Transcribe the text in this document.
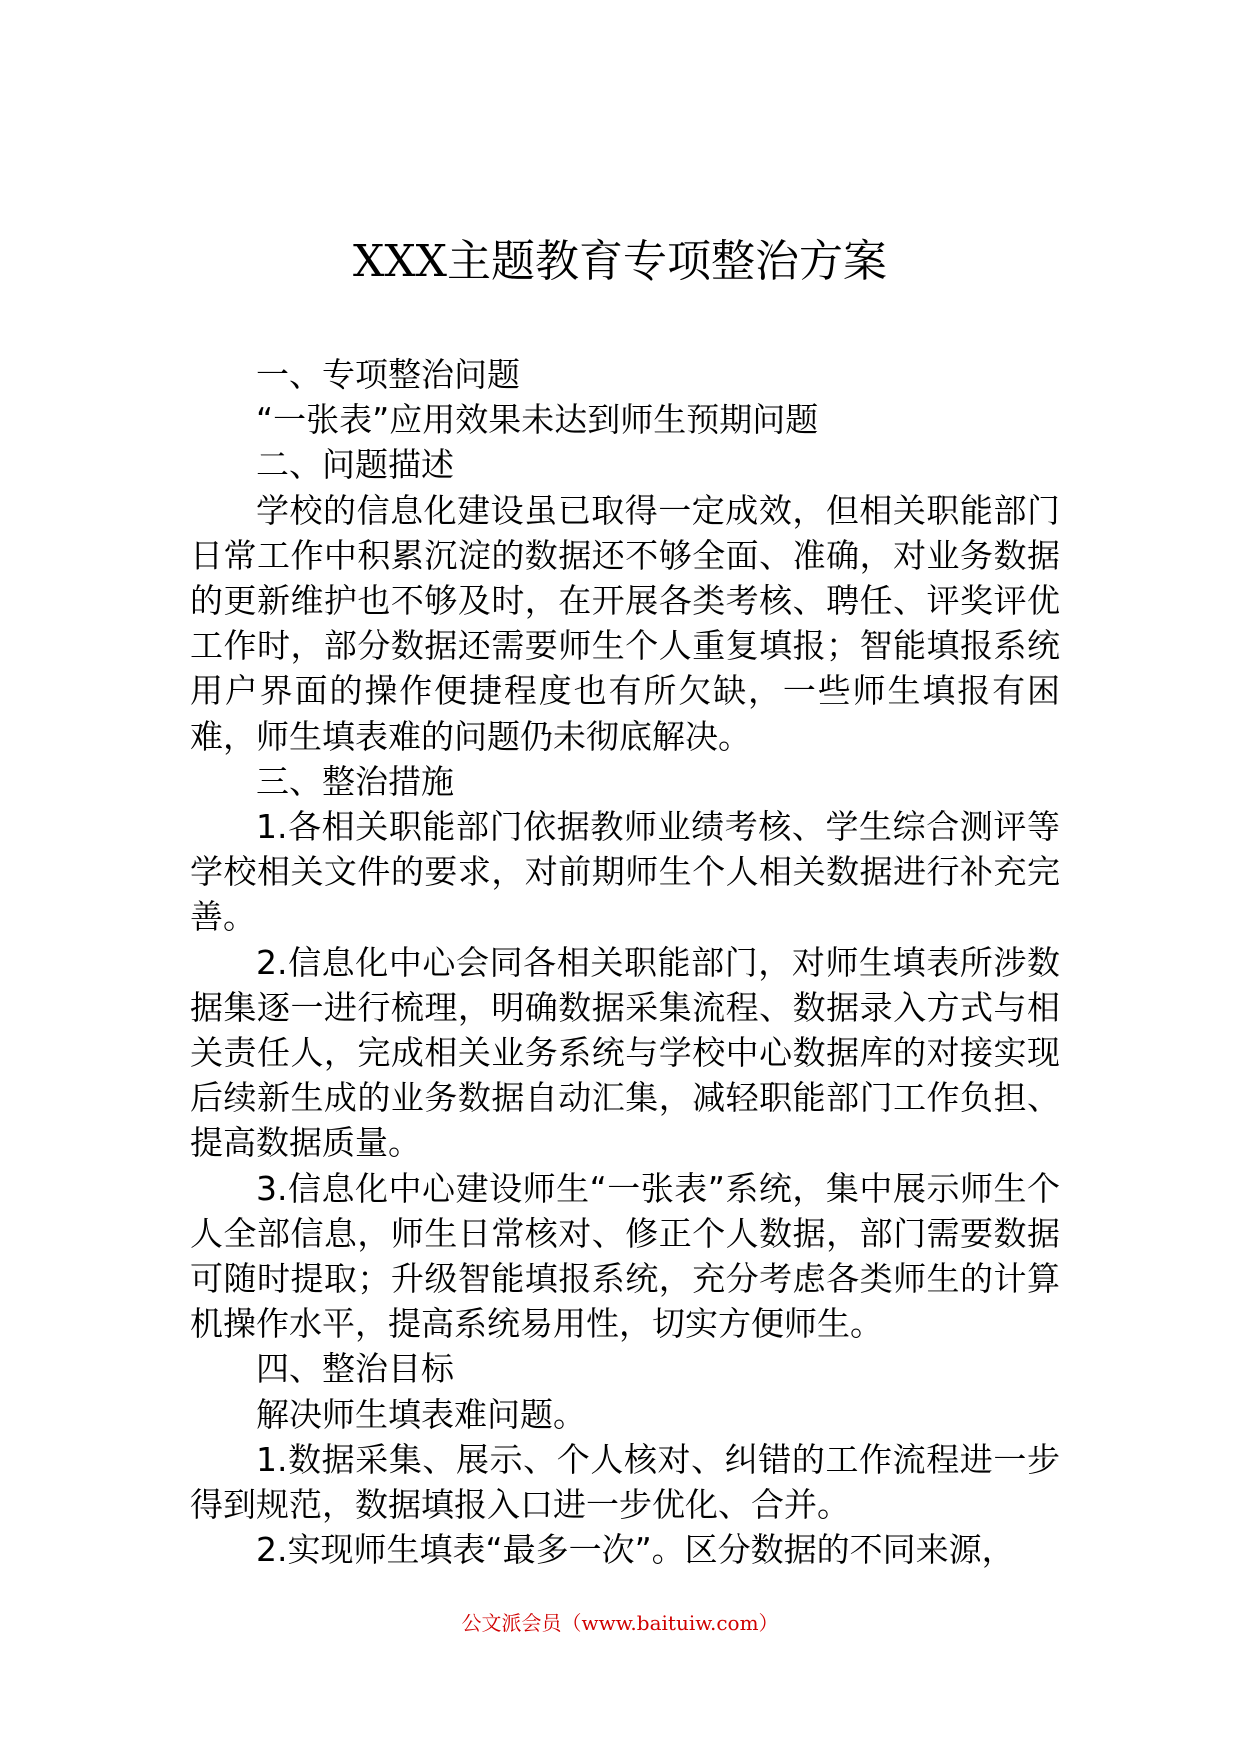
XXX主题教育专项整治方案
一、专项整治问题

“一张表”应用效果未达到师生预期问题

二、问题描述

学校的信息化建设虽已取得一定成效，但相关职能部门日常工作中积累沉淀的数据还不够全面、准确，对业务数据的更新维护也不够及时，在开展各类考核、聘任、评奖评优工作时，部分数据还需要师生个人重复填报；智能填报系统用户界面的操作便捷程度也有所欠缺，一些师生填报有困难，师生填表难的问题仍未彻底解决。

三、整治措施

1.各相关职能部门依据教师业绩考核、学生综合测评等学校相关文件的要求，对前期师生个人相关数据进行补充完善。

2.信息化中心会同各相关职能部门，对师生填表所涉数据集逐一进行梳理，明确数据采集流程、数据录入方式与相关责任人，完成相关业务系统与学校中心数据库的对接实现后续新生成的业务数据自动汇集，减轻职能部门工作负担、提高数据质量。

3.信息化中心建设师生“一张表”系统，集中展示师生个人全部信息，师生日常核对、修正个人数据，部门需要数据可随时提取；升级智能填报系统，充分考虑各类师生的计算机操作水平，提高系统易用性，切实方便师生。

四、整治目标

解决师生填表难问题。

1.数据采集、展示、个人核对、纠错的工作流程进一步得到规范，数据填报入口进一步优化、合并。

2.实现师生填表“最多一次”。区分数据的不同来源，

公文派会员（www.baituiw.com）
